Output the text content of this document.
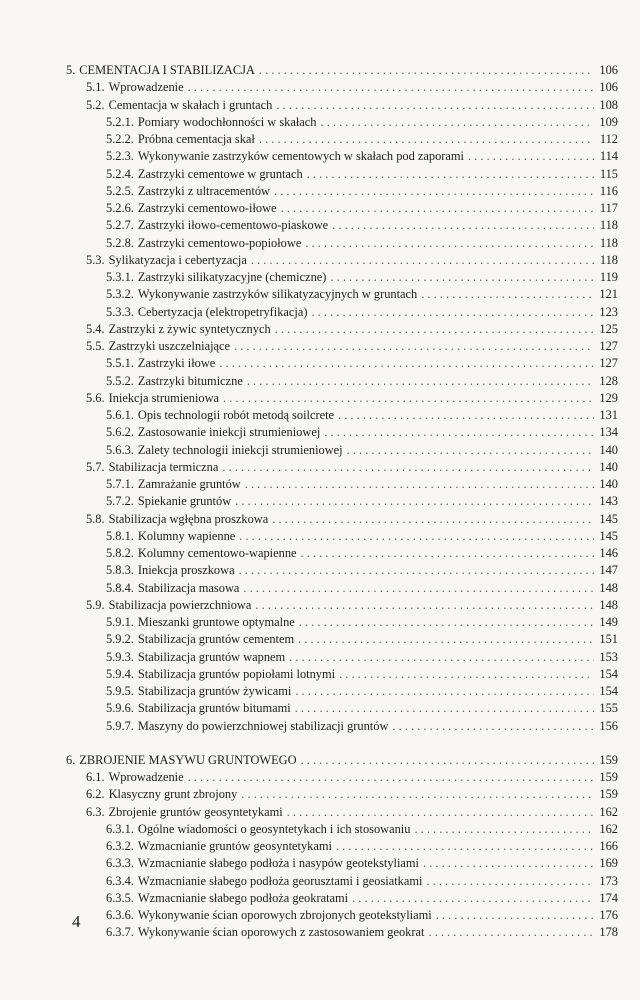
5. CEMENTACJA I STABILIZACJA . . .	106
5.1. Wprowadzenie . . .	106
5.2. Cementacja w skałach i gruntach . . .	108
5.2.1. Pomiary wodochłonności w skałach . . .	109
5.2.2. Próbna cementacja skał . . .	112
5.2.3. Wykonywanie zastrzyków cementowych w skałach pod zaporami . . .	114
5.2.4. Zastrzyki cementowe w gruntach . . .	115
5.2.5. Zastrzyki z ultracementów . . .	116
5.2.6. Zastrzyki cementowo-iłowe . . .	117
5.2.7. Zastrzyki iłowo-cementowo-piaskowe . . .	118
5.2.8. Zastrzyki cementowo-popiołowe . . .	118
5.3. Sylikatyzacja i cebertyzacja . . .	118
5.3.1. Zastrzyki silikatyzacyjne (chemiczne) . . .	119
5.3.2. Wykonywanie zastrzyków silikatyzacyjnych w gruntach . . .	121
5.3.3. Cebertyzacja (elektropetryfikacja) . . .	123
5.4. Zastrzyki z żywic syntetycznych . . .	125
5.5. Zastrzyki uszczelniające . . .	127
5.5.1. Zastrzyki iłowe . . .	127
5.5.2. Zastrzyki bitumiczne . . .	128
5.6. Iniekcja strumieniowa . . .	129
5.6.1. Opis technologii robót metodą soilcrete . . .	131
5.6.2. Zastosowanie iniekcji strumieniowej . . .	134
5.6.3. Zalety technologii iniekcji strumieniowej . . .	140
5.7. Stabilizacja termiczna . . .	140
5.7.1. Zamrażanie gruntów . . .	140
5.7.2. Spiekanie gruntów . . .	143
5.8. Stabilizacja wgłębna proszkowa . . .	145
5.8.1. Kolumny wapienne . . .	145
5.8.2. Kolumny cementowo-wapienne . . .	146
5.8.3. Iniekcja proszkowa . . .	147
5.8.4. Stabilizacja masowa . . .	148
5.9. Stabilizacja powierzchniowa . . .	148
5.9.1. Mieszanki gruntowe optymalne . . .	149
5.9.2. Stabilizacja gruntów cementem . . .	151
5.9.3. Stabilizacja gruntów wapnem . . .	153
5.9.4. Stabilizacja gruntów popiołami lotnymi . . .	154
5.9.5. Stabilizacja gruntów żywicami . . .	154
5.9.6. Stabilizacja gruntów bitumami . . .	155
5.9.7. Maszyny do powierzchniowej stabilizacji gruntów . . .	156
6. ZBROJENIE MASYWU GRUNTOWEGO . . .	159
6.1. Wprowadzenie . . .	159
6.2. Klasyczny grunt zbrojony . . .	159
6.3. Zbrojenie gruntów geosyntetykami . . .	162
6.3.1. Ogólne wiadomości o geosyntetykach i ich stosowaniu . . .	162
6.3.2. Wzmacnianie gruntów geosyntetykami . . .	166
6.3.3. Wzmacnianie słabego podłoża i nasypów geotekstyliami . . .	169
6.3.4. Wzmacnianie słabego podłoża georusztami i geosiatkami . . .	173
6.3.5. Wzmacnianie słabego podłoża geokratami . . .	174
6.3.6. Wykonywanie ścian oporowych zbrojonych geotekstyliami . . .	176
6.3.7. Wykonywanie ścian oporowych z zastosowaniem geokrat . . .	178
4
